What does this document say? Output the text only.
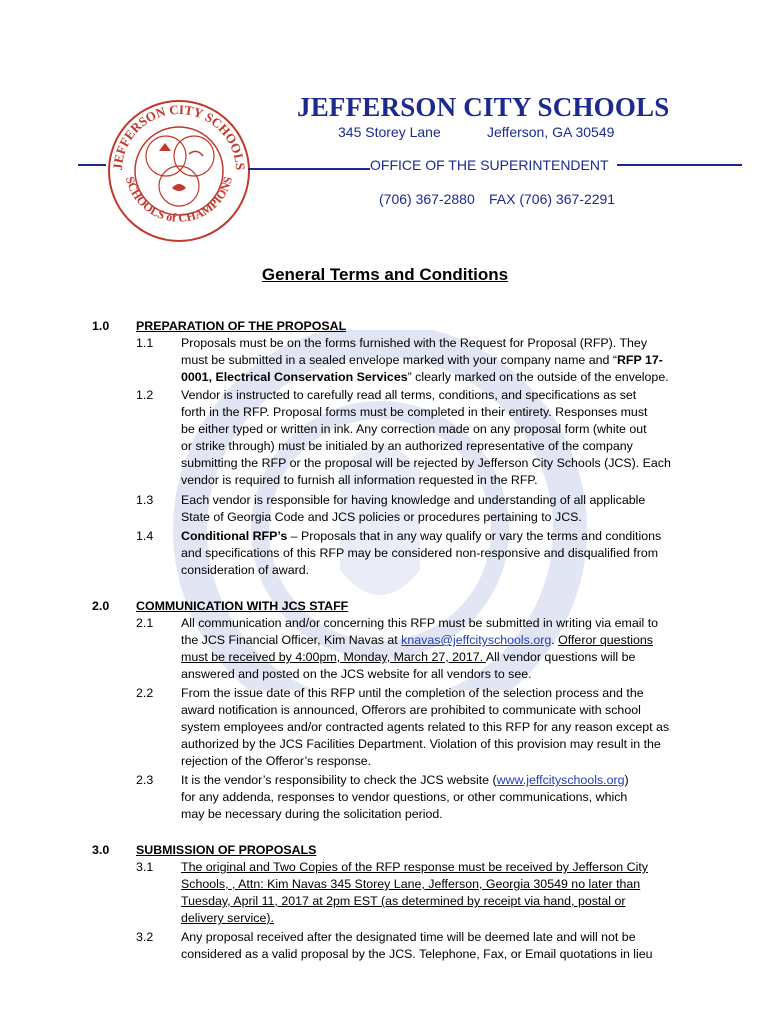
JEFFERSON CITY SCHOOLS
SCHOOLS of CHAMPIONS
JEFFERSON CITY SCHOOLS
345 Storey Lane	Jefferson, GA 30549
OFFICE OF THE SUPERINTENDENT
(706) 367-2880 FAX (706) 367-2291
General Terms and Conditions
1.0 PREPARATION OF THE PROPOSAL
1.1 Proposals must be on the forms furnished with the Request for Proposal (RFP). They
must be submitted in a sealed envelope marked with your company name and “RFP 17-
0001, Electrical Conservation Services” clearly marked on the outside of the envelope.
1.2 Vendor is instructed to carefully read all terms, conditions, and specifications as set
forth in the RFP. Proposal forms must be completed in their entirety. Responses must
be either typed or written in ink. Any correction made on any proposal form (white out
or strike through) must be initialed by an authorized representative of the company
submitting the RFP or the proposal will be rejected by Jefferson City Schools (JCS). Each
vendor is required to furnish all information requested in the RFP.
1.3 Each vendor is responsible for having knowledge and understanding of all applicable
State of Georgia Code and JCS policies or procedures pertaining to JCS.
1.4 Conditional RFP’s – Proposals that in any way qualify or vary the terms and conditions
and specifications of this RFP may be considered non-responsive and disqualified from
consideration of award.
2.0 COMMUNICATION WITH JCS STAFF
2.1 All communication and/or concerning this RFP must be submitted in writing via email to
the JCS Financial Officer, Kim Navas at knavas@jeffcityschools.org. Offeror questions
must be received by 4:00pm, Monday, March 27, 2017. All vendor questions will be
answered and posted on the JCS website for all vendors to see.
2.2 From the issue date of this RFP until the completion of the selection process and the
award notification is announced, Offerors are prohibited to communicate with school
system employees and/or contracted agents related to this RFP for any reason except as
authorized by the JCS Facilities Department. Violation of this provision may result in the
rejection of the Offeror’s response.
2.3 It is the vendor’s responsibility to check the JCS website (www.jeffcityschools.org)
for any addenda, responses to vendor questions, or other communications, which
may be necessary during the solicitation period.
3.0 SUBMISSION OF PROPOSALS
3.1 The original and Two Copies of the RFP response must be received by Jefferson City
Schools, , Attn: Kim Navas 345 Storey Lane, Jefferson, Georgia 30549 no later than
Tuesday, April 11, 2017 at 2pm EST (as determined by receipt via hand, postal or
delivery service).
3.2 Any proposal received after the designated time will be deemed late and will not be
considered as a valid proposal by the JCS. Telephone, Fax, or Email quotations in lieu
